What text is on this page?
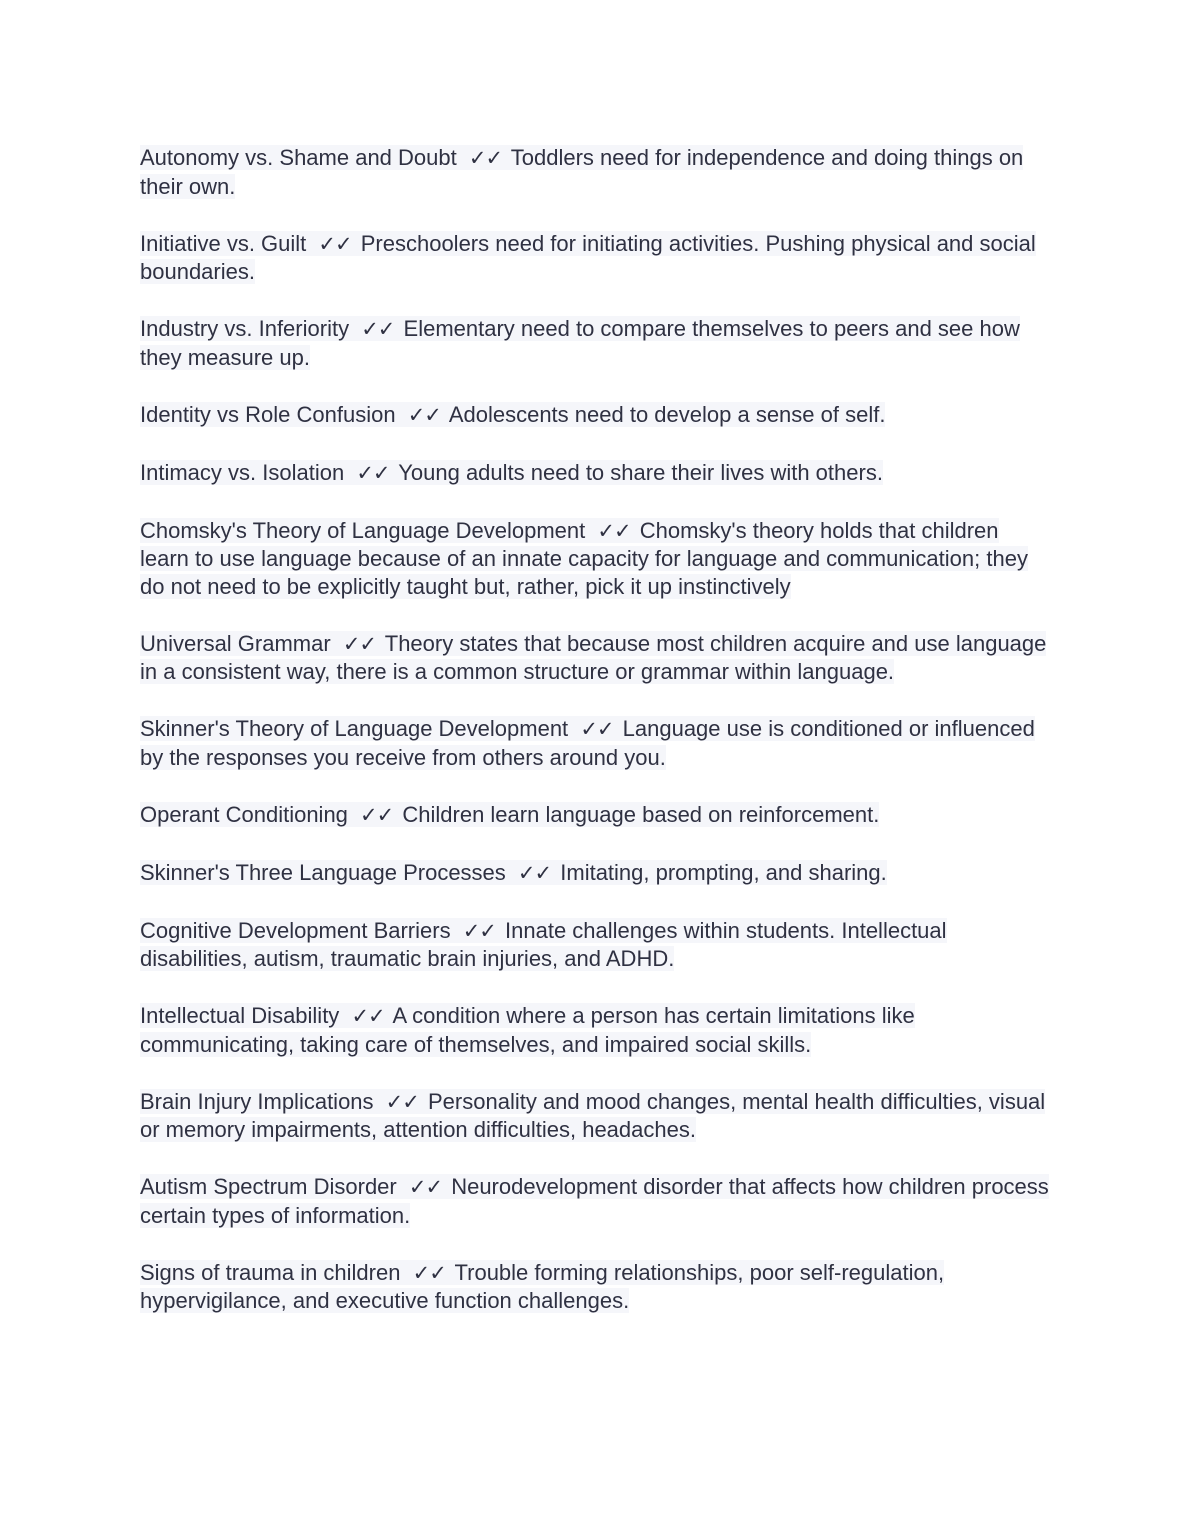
Autonomy vs. Shame and Doubt ✓✓ Toddlers need for independence and doing things on their own.

Initiative vs. Guilt ✓✓ Preschoolers need for initiating activities. Pushing physical and social boundaries.

Industry vs. Inferiority ✓✓ Elementary need to compare themselves to peers and see how they measure up.

Identity vs Role Confusion ✓✓ Adolescents need to develop a sense of self.

Intimacy vs. Isolation ✓✓ Young adults need to share their lives with others.

Chomsky's Theory of Language Development ✓✓ Chomsky's theory holds that children learn to use language because of an innate capacity for language and communication; they do not need to be explicitly taught but, rather, pick it up instinctively

Universal Grammar ✓✓ Theory states that because most children acquire and use language in a consistent way, there is a common structure or grammar within language.

Skinner's Theory of Language Development ✓✓ Language use is conditioned or influenced by the responses you receive from others around you.

Operant Conditioning ✓✓ Children learn language based on reinforcement.

Skinner's Three Language Processes ✓✓ Imitating, prompting, and sharing.

Cognitive Development Barriers ✓✓ Innate challenges within students. Intellectual disabilities, autism, traumatic brain injuries, and ADHD.

Intellectual Disability ✓✓ A condition where a person has certain limitations like communicating, taking care of themselves, and impaired social skills.

Brain Injury Implications ✓✓ Personality and mood changes, mental health difficulties, visual or memory impairments, attention difficulties, headaches.

Autism Spectrum Disorder ✓✓ Neurodevelopment disorder that affects how children process certain types of information.

Signs of trauma in children ✓✓ Trouble forming relationships, poor self-regulation, hypervigilance, and executive function challenges.
